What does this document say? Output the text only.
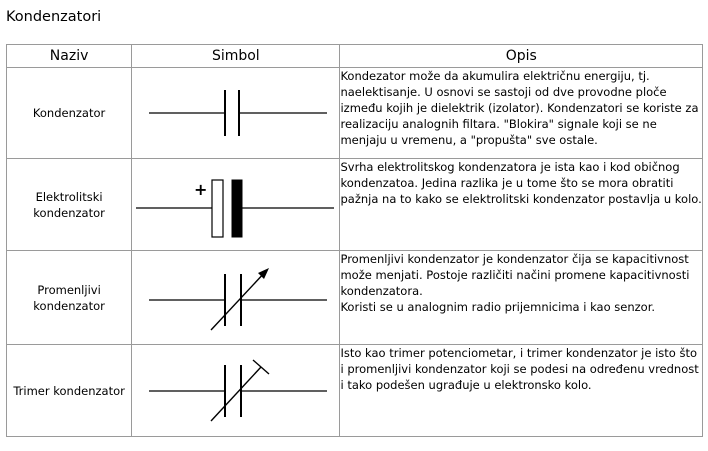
Kondenzatori
Naziv	Simbol	Opis
Kondenzator		Kondezator može da akumulira električnu energiju, tj. naelektisanje. U osnovi se sastoji od dve provodne ploče između kojih je dielektrik (izolator). Kondenzatori se koriste za realizaciju analognih filtara. "Blokira" signale koji se ne menjaju u vremenu, a "propušta" sve ostale.
Elektrolitski kondenzator	+	Svrha elektrolitskog kondenzatora je ista kao i kod običnog kondenzatoa. Jedina razlika je u tome što se mora obratiti pažnja na to kako se elektrolitski kondenzator postavlja u kolo.
Promenljivi kondenzator		Promenljivi kondenzator je kondenzator čija se kapacitivnost može menjati. Postoje različiti načini promene kapacitivnosti kondenzatora.
Koristi se u analognim radio prijemnicima i kao senzor.

Trimer kondenzator		Isto kao trimer potenciometar, i trimer kondenzator je isto što i promenljivi kondenzator koji se podesi na određenu vrednost i tako podešen ugrađuje u elektronsko kolo.
